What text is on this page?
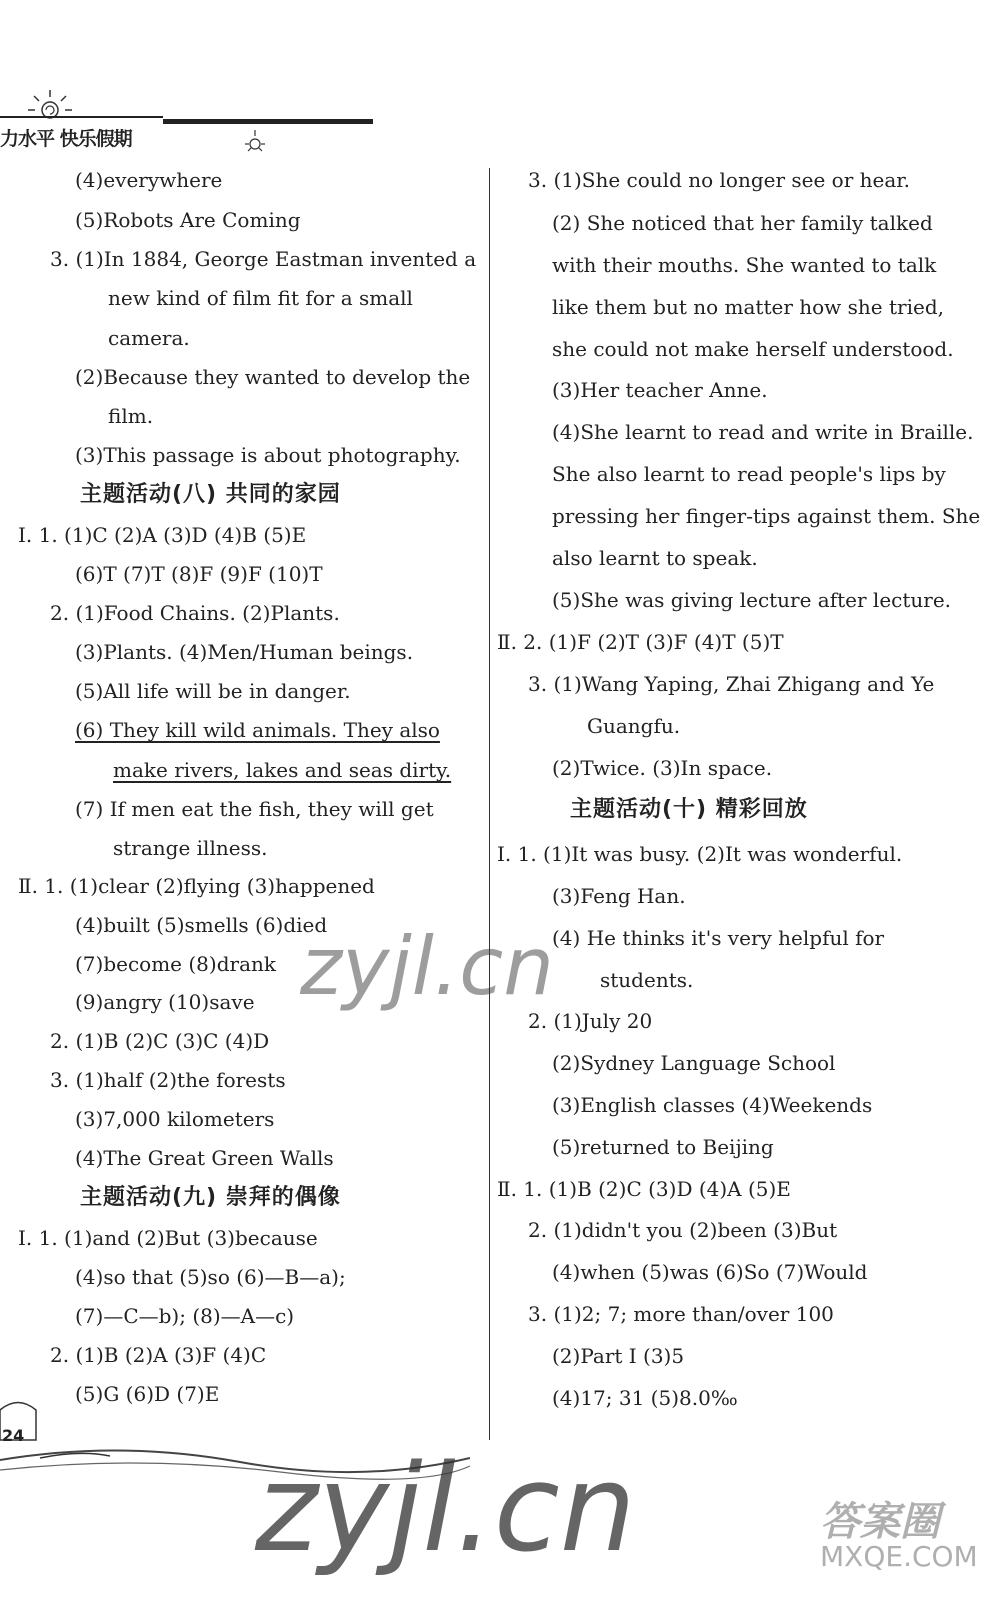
力水平 快乐假期
(4)everywhere
(5)Robots Are Coming
3. (1)In 1884, George Eastman invented a
new kind of film fit for a small
camera.
(2)Because they wanted to develop the
film.
(3)This passage is about photography.
主题活动(八) 共同的家园
Ⅰ. 1. (1)C (2)A (3)D (4)B (5)E
(6)T (7)T (8)F (9)F (10)T
2. (1)Food Chains. (2)Plants.
(3)Plants. (4)Men/Human beings.
(5)All life will be in danger.
(6) They kill wild animals. They also
make rivers, lakes and seas dirty.
(7) If men eat the fish, they will get
strange illness.
Ⅱ. 1. (1)clear (2)flying (3)happened
(4)built (5)smells (6)died
(7)become (8)drank
(9)angry (10)save
2. (1)B (2)C (3)C (4)D
3. (1)half (2)the forests
(3)7,000 kilometers
(4)The Great Green Walls
主题活动(九) 崇拜的偶像
Ⅰ. 1. (1)and (2)But (3)because
(4)so that (5)so (6)—B—a);
(7)—C—b); (8)—A—c)
2. (1)B (2)A (3)F (4)C
(5)G (6)D (7)E
3. (1)She could no longer see or hear.
(2) She noticed that her family talked
with their mouths. She wanted to talk
like them but no matter how she tried,
she could not make herself understood.
(3)Her teacher Anne.
(4)She learnt to read and write in Braille.
She also learnt to read people's lips by
pressing her finger-tips against them. She
also learnt to speak.
(5)She was giving lecture after lecture.
Ⅱ. 2. (1)F (2)T (3)F (4)T (5)T
3. (1)Wang Yaping, Zhai Zhigang and Ye
Guangfu.
(2)Twice. (3)In space.
主题活动(十) 精彩回放
Ⅰ. 1. (1)It was busy. (2)It was wonderful.
(3)Feng Han.
(4) He thinks it's very helpful for
students.
2. (1)July 20
(2)Sydney Language School
(3)English classes (4)Weekends
(5)returned to Beijing
Ⅱ. 1. (1)B (2)C (3)D (4)A (5)E
2. (1)didn't you (2)been (3)But
(4)when (5)was (6)So (7)Would
3. (1)2; 7; more than/over 100
(2)Part I (3)5
(4)17; 31 (5)8.0‰
24
zyjl.cn
zyjl.cn	答案圈
MXQE.COM
